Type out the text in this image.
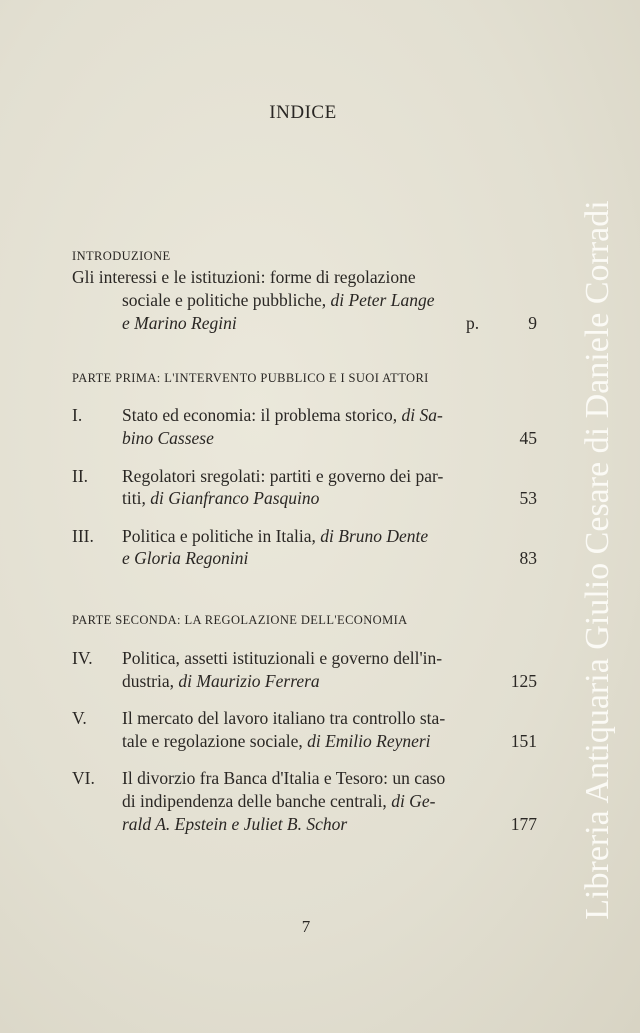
INDICE
INTRODUZIONE
Gli interessi e le istituzioni: forme di regolazione
sociale e politiche pubbliche, di Peter Lange
e Marino Regini	p.	9
PARTE PRIMA: L'INTERVENTO PUBBLICO E I SUOI ATTORI
I. Stato ed economia: il problema storico, di Sa-
bino Cassese	45
II. Regolatori sregolati: partiti e governo dei par-
titi, di Gianfranco Pasquino	53
III. Politica e politiche in Italia, di Bruno Dente
e Gloria Regonini	83
PARTE SECONDA: LA REGOLAZIONE DELL'ECONOMIA
IV. Politica, assetti istituzionali e governo dell'in-
dustria, di Maurizio Ferrera	125
V. Il mercato del lavoro italiano tra controllo sta-
tale e regolazione sociale, di Emilio Reyneri	151
VI. Il divorzio fra Banca d'Italia e Tesoro: un caso
di indipendenza delle banche centrali, di Ge-
rald A. Epstein e Juliet B. Schor	177
7
Libreria Antiquaria Giulio Cesare di Daniele Corradi
